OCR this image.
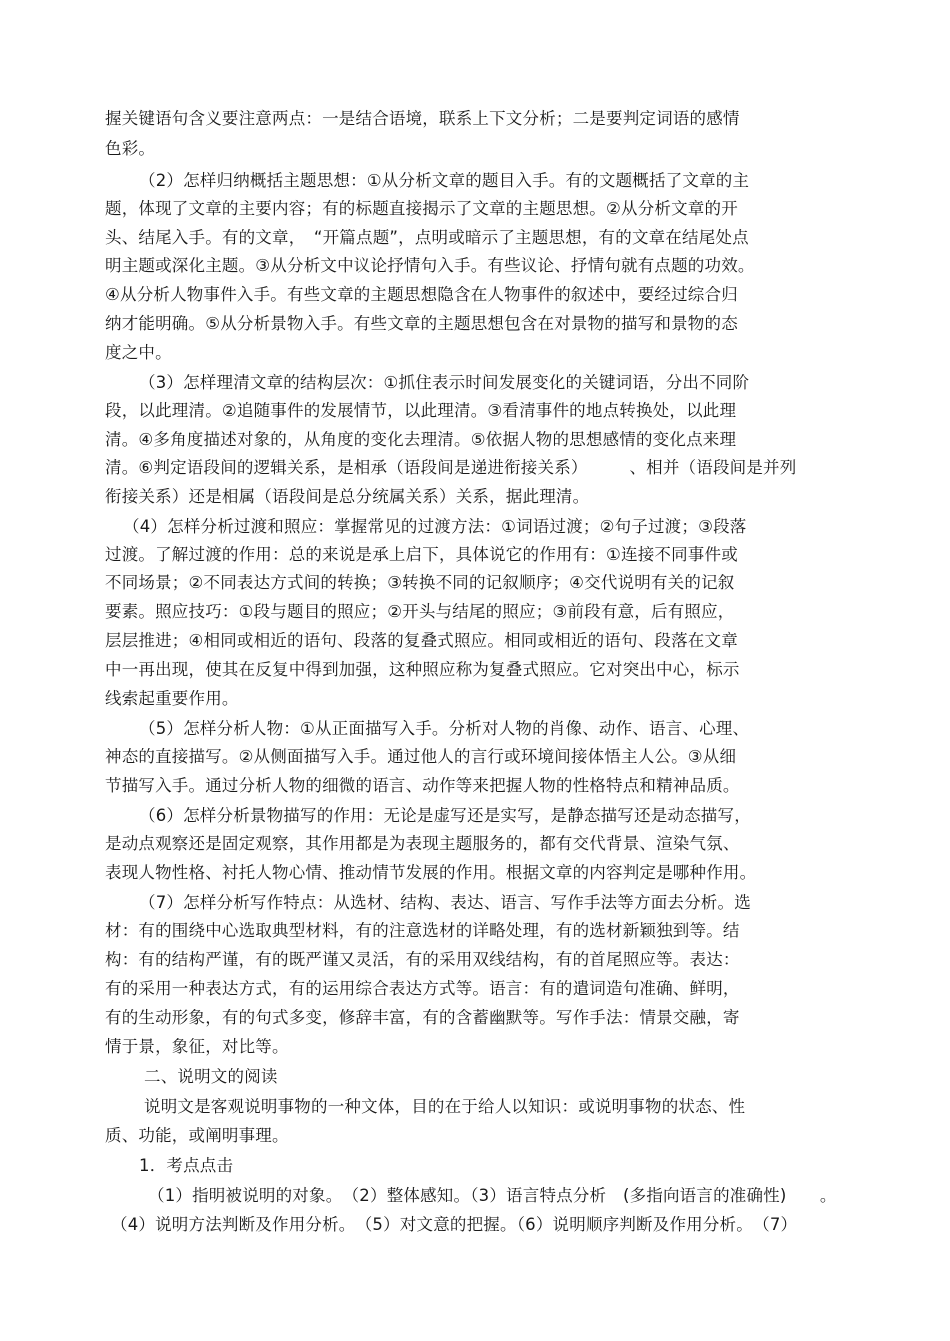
握关键语句含义要注意两点：一是结合语境，联系上下文分析；二是要判定词语的感情
色彩。
（2）怎样归纳概括主题思想：①从分析文章的题目入手。有的文题概括了文章的主
题，体现了文章的主要内容；有的标题直接揭示了文章的主题思想。②从分析文章的开
头、结尾入手。有的文章，　“开篇点题”，点明或暗示了主题思想，有的文章在结尾处点
明主题或深化主题。③从分析文中议论抒情句入手。有些议论、抒情句就有点题的功效。
④从分析人物事件入手。有些文章的主题思想隐含在人物事件的叙述中，要经过综合归
纳才能明确。⑤从分析景物入手。有些文章的主题思想包含在对景物的描写和景物的态
度之中。
（3）怎样理清文章的结构层次：①抓住表示时间发展变化的关键词语，分出不同阶
段，以此理清。②追随事件的发展情节，以此理清。③看清事件的地点转换处，以此理
清。④多角度描述对象的，从角度的变化去理清。⑤依据人物的思想感情的变化点来理
清。⑥判定语段间的逻辑关系，是相承（语段间是递进衔接关系）　　　、相并（语段间是并列
衔接关系）还是相属（语段间是总分统属关系）关系，据此理清。
（4）怎样分析过渡和照应：掌握常见的过渡方法：①词语过渡；②句子过渡；③段落
过渡。了解过渡的作用：总的来说是承上启下，具体说它的作用有：①连接不同事件或
不同场景；②不同表达方式间的转换；③转换不同的记叙顺序；④交代说明有关的记叙
要素。照应技巧：①段与题目的照应；②开头与结尾的照应；③前段有意，后有照应，
层层推进；④相同或相近的语句、段落的复叠式照应。相同或相近的语句、段落在文章
中一再出现，使其在反复中得到加强，这种照应称为复叠式照应。它对突出中心，标示
线索起重要作用。
（5）怎样分析人物：①从正面描写入手。分析对人物的肖像、动作、语言、心理、
神态的直接描写。②从侧面描写入手。通过他人的言行或环境间接体悟主人公。③从细
节描写入手。通过分析人物的细微的语言、动作等来把握人物的性格特点和精神品质。
（6）怎样分析景物描写的作用：无论是虚写还是实写，是静态描写还是动态描写，
是动点观察还是固定观察，其作用都是为表现主题服务的，都有交代背景、渲染气氛、
表现人物性格、衬托人物心情、推动情节发展的作用。根据文章的内容判定是哪种作用。
（7）怎样分析写作特点：从选材、结构、表达、语言、写作手法等方面去分析。选
材：有的围绕中心选取典型材料，有的注意选材的详略处理，有的选材新颖独到等。结
构：有的结构严谨，有的既严谨又灵活，有的采用双线结构，有的首尾照应等。表达：
有的采用一种表达方式，有的运用综合表达方式等。语言：有的遣词造句准确、鲜明，
有的生动形象，有的句式多变，修辞丰富，有的含蓄幽默等。写作手法：情景交融，寄
情于景，象征，对比等。
二、说明文的阅读
说明文是客观说明事物的一种文体，目的在于给人以知识：或说明事物的状态、性
质、功能，或阐明事理。
1．考点点击
（1）指明被说明的对象。　（2）整体感知。（3）语言特点分析　(多指向语言的准确性)　　。
（4）说明方法判断及作用分析。　（5）对文意的把握。（6）说明顺序判断及作用分析。　（7）
